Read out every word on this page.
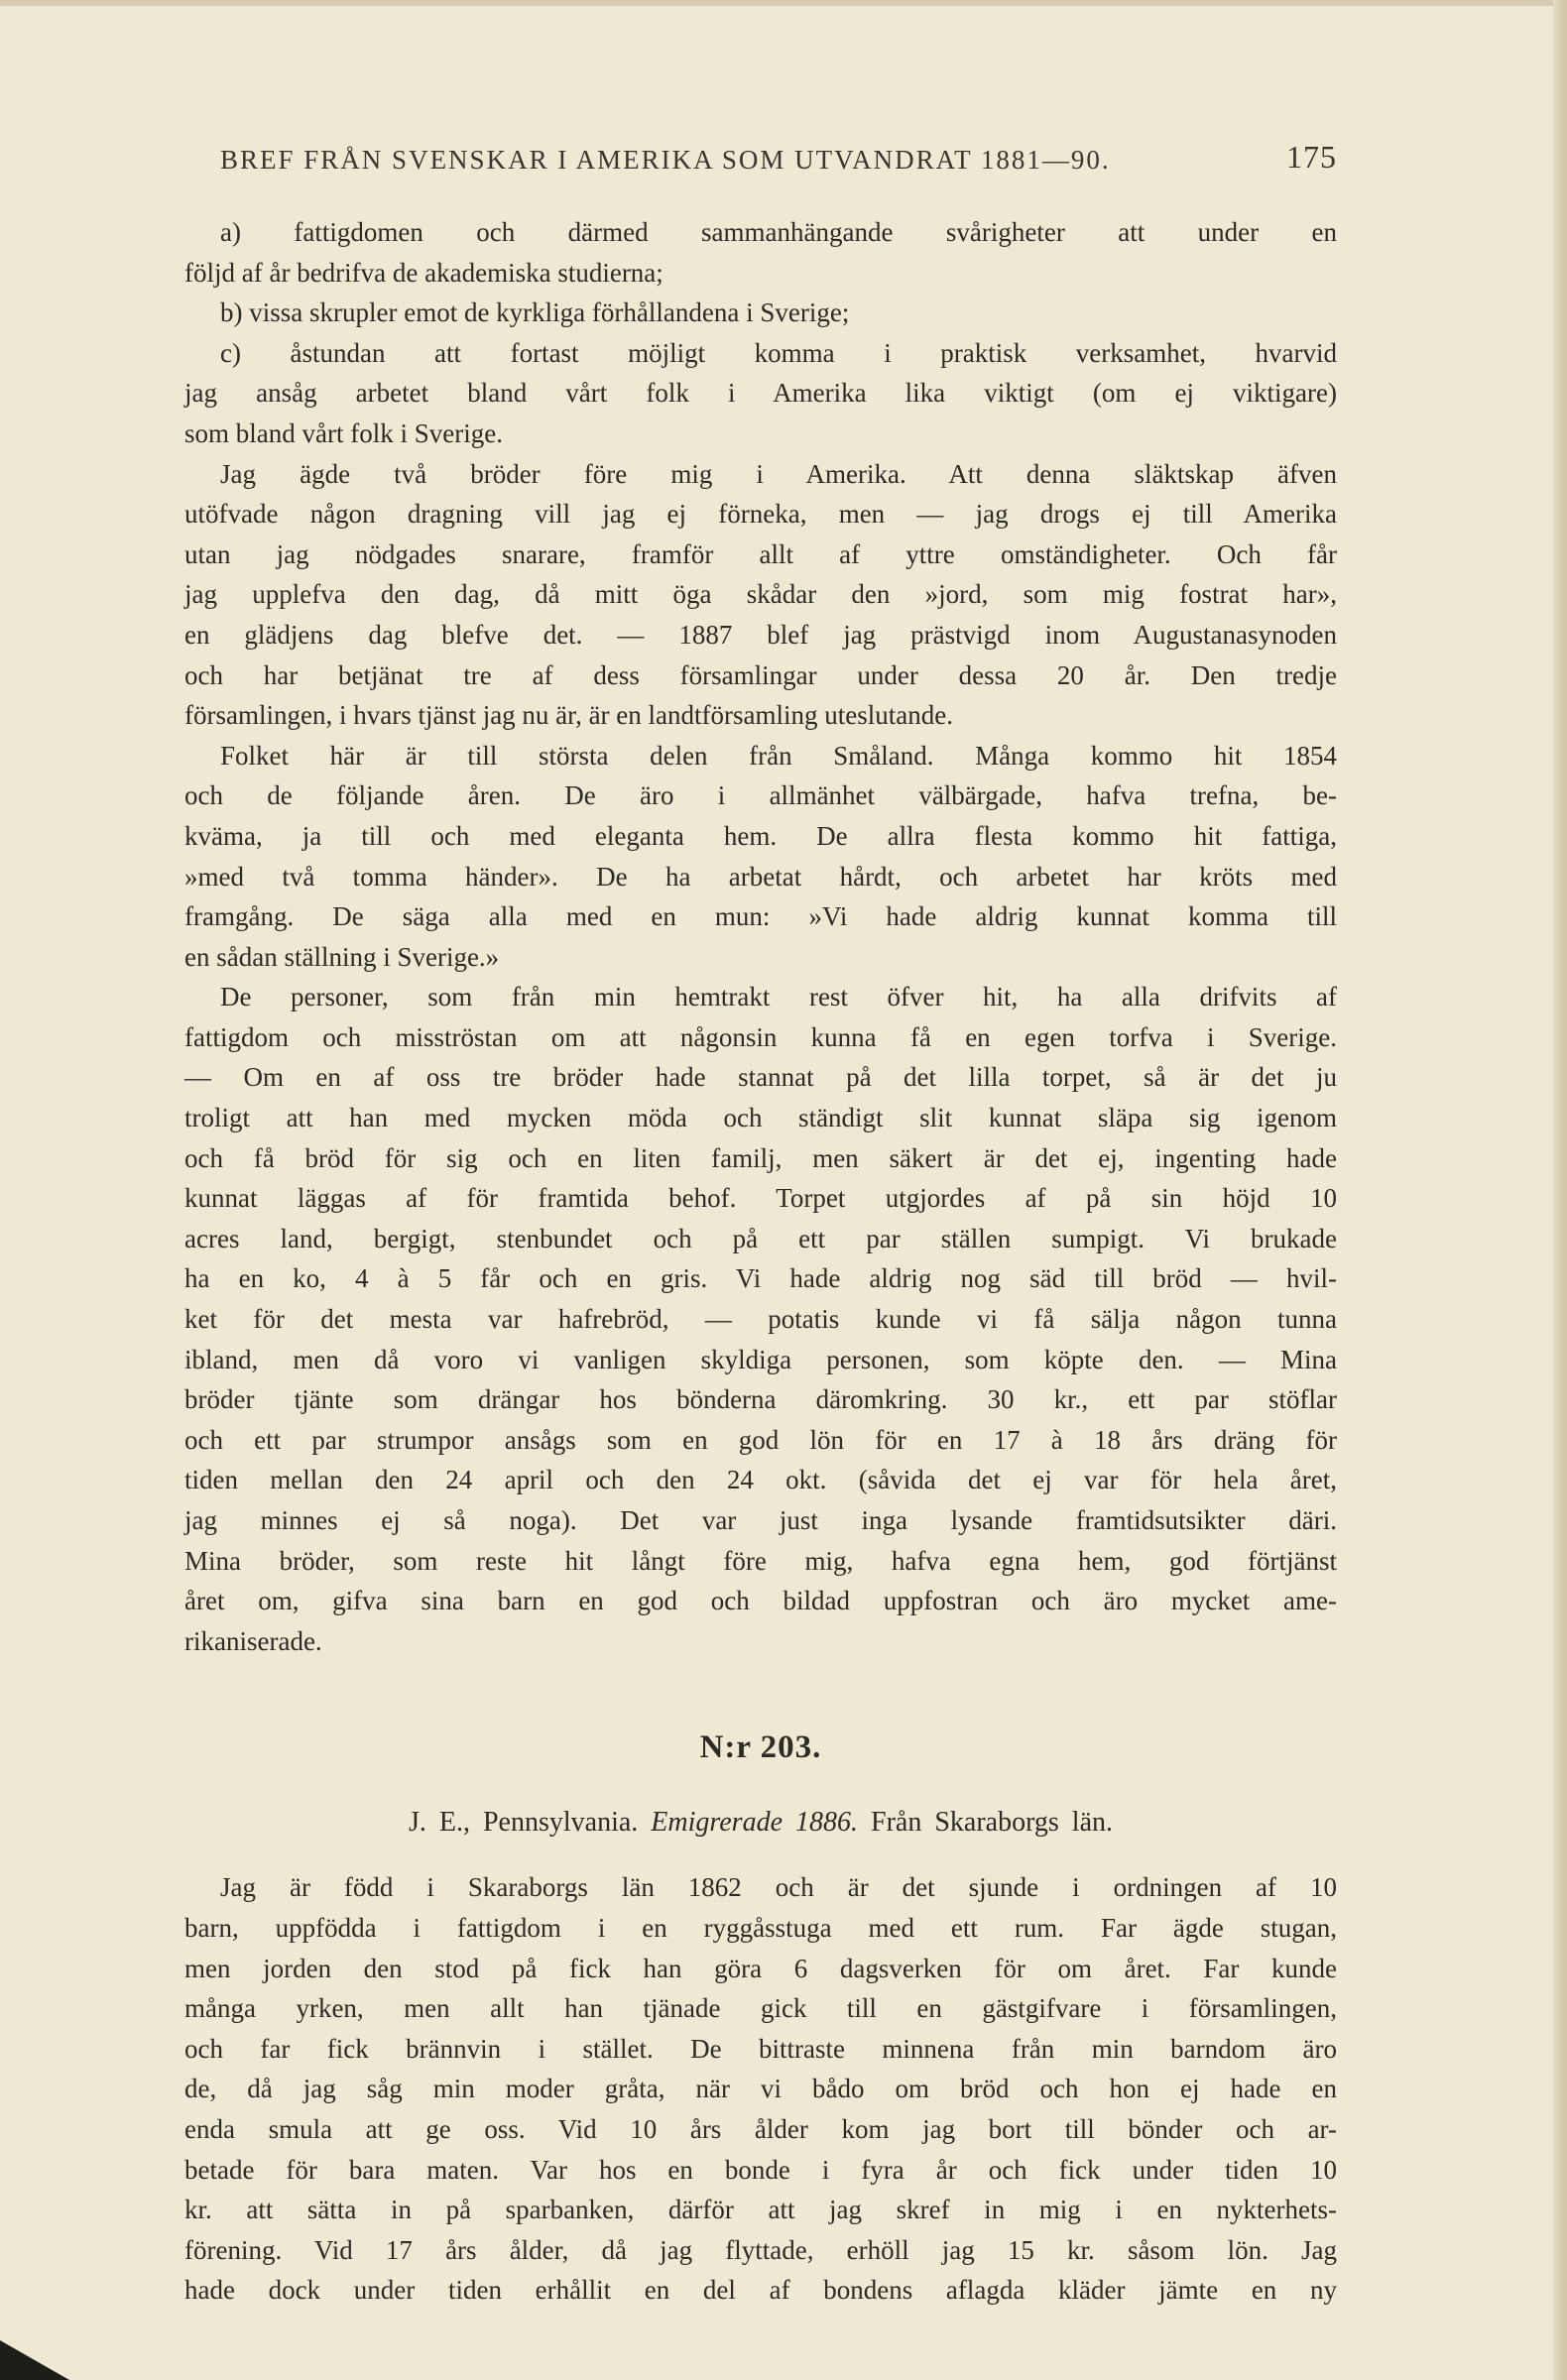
BREF FRÅN SVENSKAR I AMERIKA SOM UTVANDRAT 1881—90.	175
a) fattigdomen och därmed sammanhängande svårigheter att under en
följd af år bedrifva de akademiska studierna;
b) vissa skrupler emot de kyrkliga förhållandena i Sverige;
c) åstundan att fortast möjligt komma i praktisk verksamhet, hvarvid
jag ansåg arbetet bland vårt folk i Amerika lika viktigt (om ej viktigare)
som bland vårt folk i Sverige.
Jag ägde två bröder före mig i Amerika. Att denna släktskap äfven
utöfvade någon dragning vill jag ej förneka, men — jag drogs ej till Amerika
utan jag nödgades snarare, framför allt af yttre omständigheter. Och får
jag upplefva den dag, då mitt öga skådar den »jord, som mig fostrat har»,
en glädjens dag blefve det. — 1887 blef jag prästvigd inom Augustanasynoden
och har betjänat tre af dess församlingar under dessa 20 år. Den tredje
församlingen, i hvars tjänst jag nu är, är en landtförsamling uteslutande.
Folket här är till största delen från Småland. Många kommo hit 1854
och de följande åren. De äro i allmänhet välbärgade, hafva trefna, be-
kväma, ja till och med eleganta hem. De allra flesta kommo hit fattiga,
»med två tomma händer». De ha arbetat hårdt, och arbetet har kröts med
framgång. De säga alla med en mun: »Vi hade aldrig kunnat komma till
en sådan ställning i Sverige.»
De personer, som från min hemtrakt rest öfver hit, ha alla drifvits af
fattigdom och misströstan om att någonsin kunna få en egen torfva i Sverige.
— Om en af oss tre bröder hade stannat på det lilla torpet, så är det ju
troligt att han med mycken möda och ständigt slit kunnat släpa sig igenom
och få bröd för sig och en liten familj, men säkert är det ej, ingenting hade
kunnat läggas af för framtida behof. Torpet utgjordes af på sin höjd 10
acres land, bergigt, stenbundet och på ett par ställen sumpigt. Vi brukade
ha en ko, 4 à 5 får och en gris. Vi hade aldrig nog säd till bröd — hvil-
ket för det mesta var hafrebröd, — potatis kunde vi få sälja någon tunna
ibland, men då voro vi vanligen skyldiga personen, som köpte den. — Mina
bröder tjänte som drängar hos bönderna däromkring. 30 kr., ett par stöflar
och ett par strumpor ansågs som en god lön för en 17 à 18 års dräng för
tiden mellan den 24 april och den 24 okt. (såvida det ej var för hela året,
jag minnes ej så noga). Det var just inga lysande framtidsutsikter däri.
Mina bröder, som reste hit långt före mig, hafva egna hem, god förtjänst
året om, gifva sina barn en god och bildad uppfostran och äro mycket ame-
rikaniserade.
N:r 203.
J. E., Pennsylvania. Emigrerade 1886. Från Skaraborgs län.
Jag är född i Skaraborgs län 1862 och är det sjunde i ordningen af 10
barn, uppfödda i fattigdom i en ryggåsstuga med ett rum. Far ägde stugan,
men jorden den stod på fick han göra 6 dagsverken för om året. Far kunde
många yrken, men allt han tjänade gick till en gästgifvare i församlingen,
och far fick brännvin i stället. De bittraste minnena från min barndom äro
de, då jag såg min moder gråta, när vi bådo om bröd och hon ej hade en
enda smula att ge oss. Vid 10 års ålder kom jag bort till bönder och ar-
betade för bara maten. Var hos en bonde i fyra år och fick under tiden 10
kr. att sätta in på sparbanken, därför att jag skref in mig i en nykterhets-
förening. Vid 17 års ålder, då jag flyttade, erhöll jag 15 kr. såsom lön. Jag
hade dock under tiden erhållit en del af bondens aflagda kläder jämte en ny
